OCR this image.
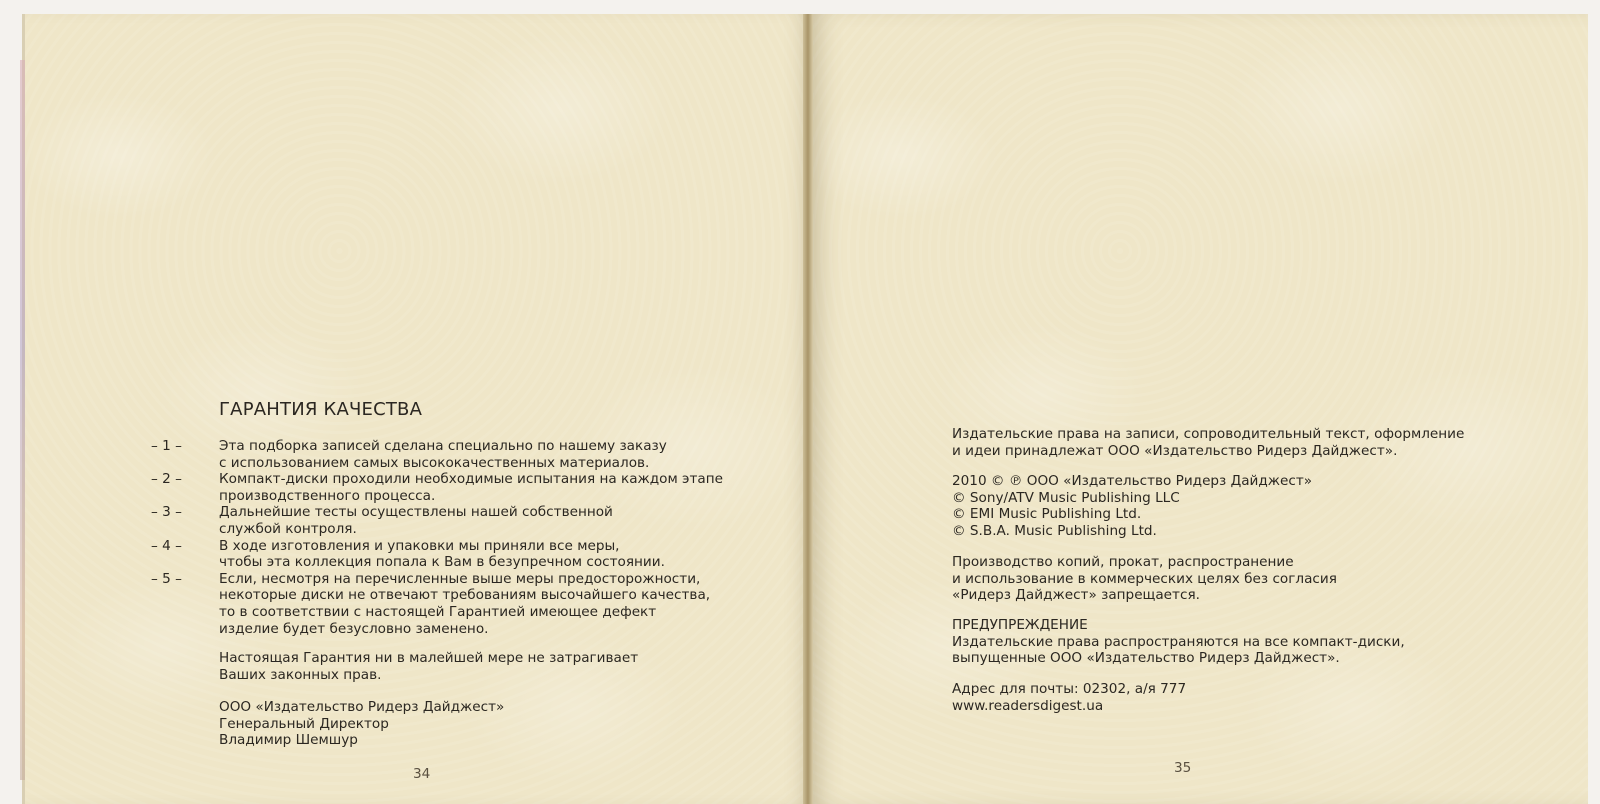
ГАРАНТИЯ КАЧЕСТВА
– 1 –	Эта подборка записей сделана специально по нашему заказу
с использованием самых высококачественных материалов.
– 2 –	Компакт-диски проходили необходимые испытания на каждом этапе
производственного процесса.
– 3 –	Дальнейшие тесты осуществлены нашей собственной
службой контроля.
– 4 –	В ходе изготовления и упаковки мы приняли все меры,
чтобы эта коллекция попала к Вам в безупречном состоянии.
– 5 –	Если, несмотря на перечисленные выше меры предосторожности,
некоторые диски не отвечают требованиям высочайшего качества,
то в соответствии с настоящей Гарантией имеющее дефект
изделие будет безусловно заменено.
Настоящая Гарантия ни в малейшей мере не затрагивает
Ваших законных прав.
ООО «Издательство Ридерз Дайджест»
Генеральный Директор
Владимир Шемшур
34
Издательские права на записи, сопроводительный текст, оформление
и идеи принадлежат ООО «Издательство Ридерз Дайджест».
2010 © ℗ ООО «Издательство Ридерз Дайджест»
© Sony/ATV Music Publishing LLC
© EMI Music Publishing Ltd.
© S.B.A. Music Publishing Ltd.
Производство копий, прокат, распространение
и использование в коммерческих целях без согласия
«Ридерз Дайджест» запрещается.
ПРЕДУПРЕЖДЕНИЕ
Издательские права распространяются на все компакт-диски,
выпущенные ООО «Издательство Ридерз Дайджест».
Адрес для почты: 02302, а/я 777
www.readersdigest.ua
35
